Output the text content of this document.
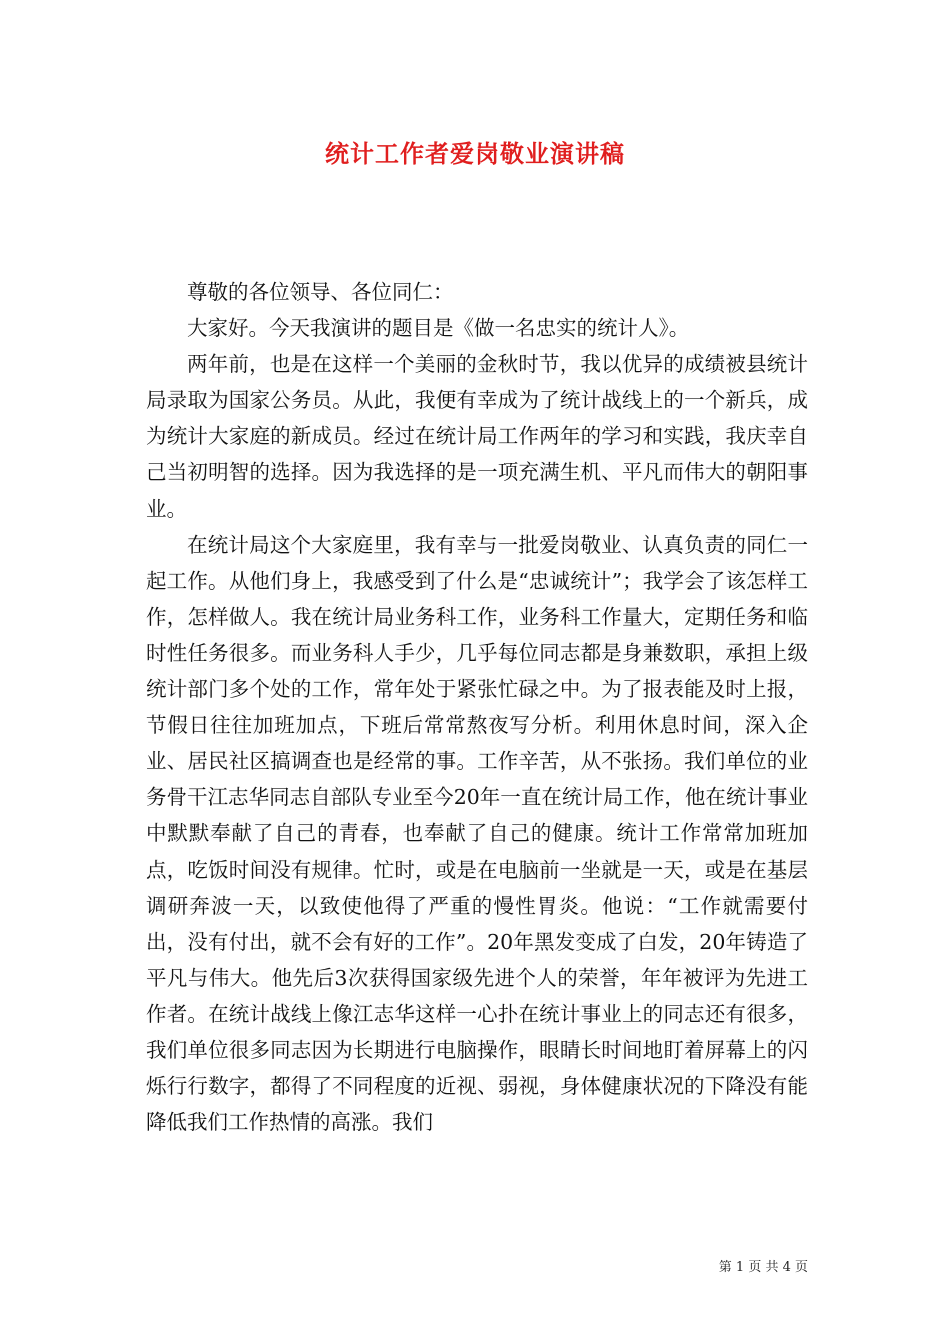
统计工作者爱岗敬业演讲稿

尊敬的各位领导、各位同仁：

大家好。今天我演讲的题目是《做一名忠实的统计人》。

两年前，也是在这样一个美丽的金秋时节，我以优异的成绩被县统计局录取为国家公务员。从此，我便有幸成为了统计战线上的一个新兵，成为统计大家庭的新成员。经过在统计局工作两年的学习和实践，我庆幸自己当初明智的选择。因为我选择的是一项充满生机、平凡而伟大的朝阳事业。

在统计局这个大家庭里，我有幸与一批爱岗敬业、认真负责的同仁一起工作。从他们身上，我感受到了什么是“忠诚统计”；我学会了该怎样工作，怎样做人。我在统计局业务科工作，业务科工作量大，定期任务和临时性任务很多。而业务科人手少，几乎每位同志都是身兼数职，承担上级统计部门多个处的工作，常年处于紧张忙碌之中。为了报表能及时上报，节假日往往加班加点，下班后常常熬夜写分析。利用休息时间，深入企业、居民社区搞调查也是经常的事。工作辛苦，从不张扬。我们单位的业务骨干江志华同志自部队专业至今20年一直在统计局工作，他在统计事业中默默奉献了自己的青春，也奉献了自己的健康。统计工作常常加班加点，吃饭时间没有规律。忙时，或是在电脑前一坐就是一天，或是在基层调研奔波一天，以致使他得了严重的慢性胃炎。他说：“工作就需要付出，没有付出，就不会有好的工作”。20年黑发变成了白发，20年铸造了平凡与伟大。他先后3次获得国家级先进个人的荣誉，年年被评为先进工作者。在统计战线上像江志华这样一心扑在统计事业上的同志还有很多，我们单位很多同志因为长期进行电脑操作，眼睛长时间地盯着屏幕上的闪烁行行数字，都得了不同程度的近视、弱视，身体健康状况的下降没有能降低我们工作热情的高涨。我们

第 1 页 共 4 页
